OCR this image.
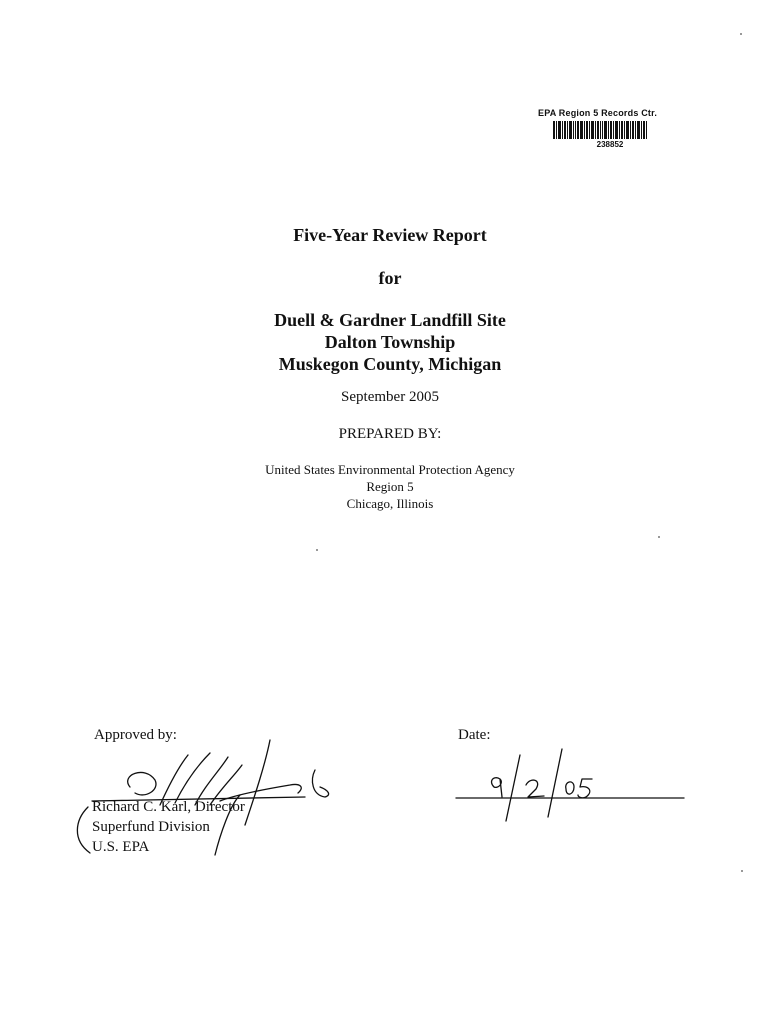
EPA Region 5 Records Ctr.
238852
Five-Year Review Report
for
Duell & Gardner Landfill Site
Dalton Township
Muskegon County, Michigan
September 2005
PREPARED BY:
United States Environmental Protection Agency
Region 5
Chicago, Illinois
Approved by:	Date:
Richard C. Karl, Director
Superfund Division
U.S. EPA
